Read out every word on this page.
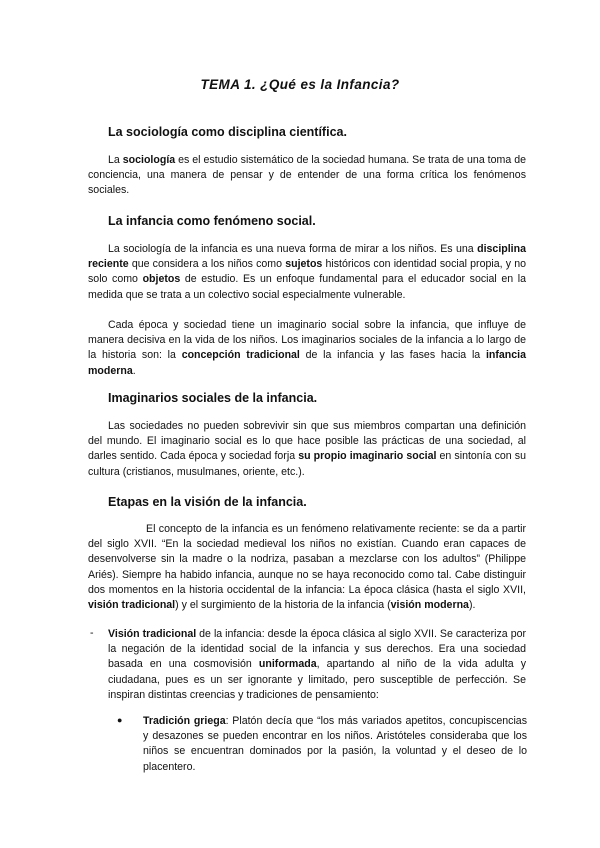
TEMA 1. ¿Qué es la Infancia?
La sociología como disciplina científica.

La sociología es el estudio sistemático de la sociedad humana. Se trata de una toma de conciencia, una manera de pensar y de entender de una forma crítica los fenómenos sociales.

La infancia como fenómeno social.

La sociología de la infancia es una nueva forma de mirar a los niños. Es una disciplina reciente que considera a los niños como sujetos históricos con identidad social propia, y no solo como objetos de estudio. Es un enfoque fundamental para el educador social en la medida que se trata a un colectivo social especialmente vulnerable.

Cada época y sociedad tiene un imaginario social sobre la infancia, que influye de manera decisiva en la vida de los niños. Los imaginarios sociales de la infancia a lo largo de la historia son: la concepción tradicional de la infancia y las fases hacia la infancia moderna.

Imaginarios sociales de la infancia.

Las sociedades no pueden sobrevivir sin que sus miembros compartan una definición del mundo. El imaginario social es lo que hace posible las prácticas de una sociedad, al darles sentido. Cada época y sociedad forja su propio imaginario social en sintonía con su cultura (cristianos, musulmanes, oriente, etc.).

Etapas en la visión de la infancia.

El concepto de la infancia es un fenómeno relativamente reciente: se da a partir del siglo XVII. “En la sociedad medieval los niños no existían. Cuando eran capaces de desenvolverse sin la madre o la nodriza, pasaban a mezclarse con los adultos” (Philippe Ariés). Siempre ha habido infancia, aunque no se haya reconocido como tal. Cabe distinguir dos momentos en la historia occidental de la infancia: La época clásica (hasta el siglo XVII, visión tradicional) y el surgimiento de la historia de la infancia (visión moderna).

- Visión tradicional de la infancia: desde la época clásica al siglo XVII. Se caracteriza por la negación de la identidad social de la infancia y sus derechos. Era una sociedad basada en una cosmovisión uniformada, apartando al niño de la vida adulta y ciudadana, pues es un ser ignorante y limitado, pero susceptible de perfección. Se inspiran distintas creencias y tradiciones de pensamiento:

● Tradición griega: Platón decía que “los más variados apetitos, concupiscencias y desazones se pueden encontrar en los niños. Aristóteles consideraba que los niños se encuentran dominados por la pasión, la voluntad y el deseo de lo placentero.
